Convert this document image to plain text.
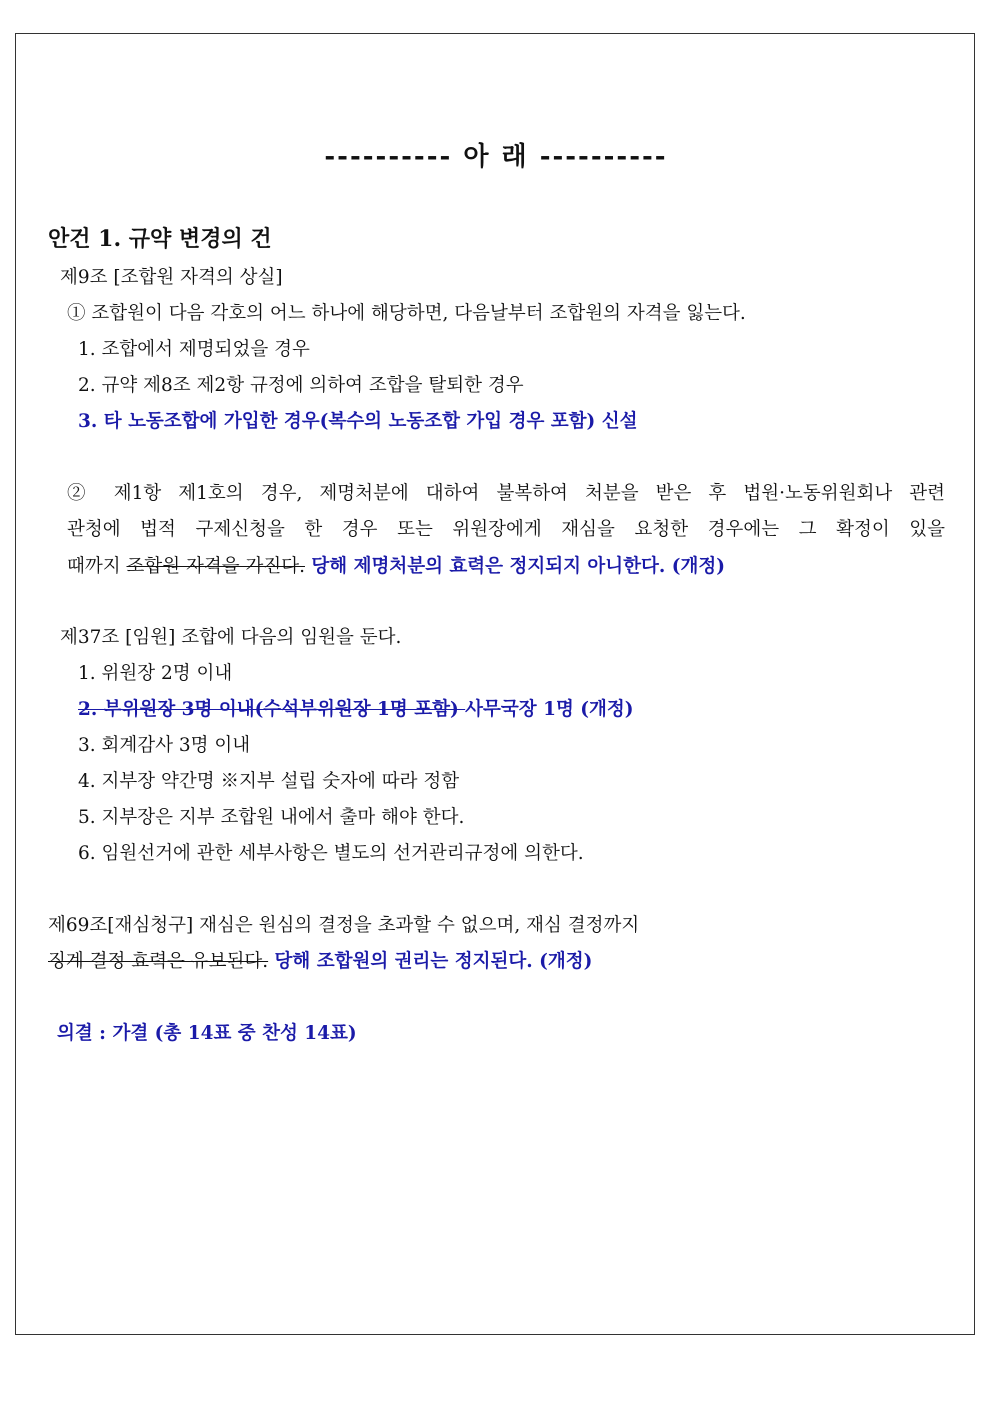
---------- 아 래 ----------
안건 1. 규약 변경의 건
제9조 [조합원 자격의 상실]
① 조합원이 다음 각호의 어느 하나에 해당하면, 다음날부터 조합원의 자격을 잃는다.
1. 조합에서 제명되었을 경우
2. 규약 제8조 제2항 규정에 의하여 조합을 탈퇴한 경우
3. 타 노동조합에 가입한 경우(복수의 노동조합 가입 경우 포함) 신설
② 제1항 제1호의 경우, 제명처분에 대하여 불복하여 처분을 받은 후 법원·노동위원회나 관련
관청에 법적 구제신청을 한 경우 또는 위원장에게 재심을 요청한 경우에는 그 확정이 있을
때까지 조합원 자격을 가진다. 당해 제명처분의 효력은 정지되지 아니한다. (개정)
제37조 [임원] 조합에 다음의 임원을 둔다.
1. 위원장 2명 이내
2. 부위원장 3명 이내(수석부위원장 1명 포함) 사무국장 1명 (개정)
3. 회계감사 3명 이내
4. 지부장 약간명 ※지부 설립 숫자에 따라 정함
5. 지부장은 지부 조합원 내에서 출마 해야 한다.
6. 임원선거에 관한 세부사항은 별도의 선거관리규정에 의한다.
제69조[재심청구] 재심은 원심의 결정을 초과할 수 없으며, 재심 결정까지
징계 결정 효력은 유보된다. 당해 조합원의 권리는 정지된다. (개정)
의결 : 가결 (총 14표 중 찬성 14표)
